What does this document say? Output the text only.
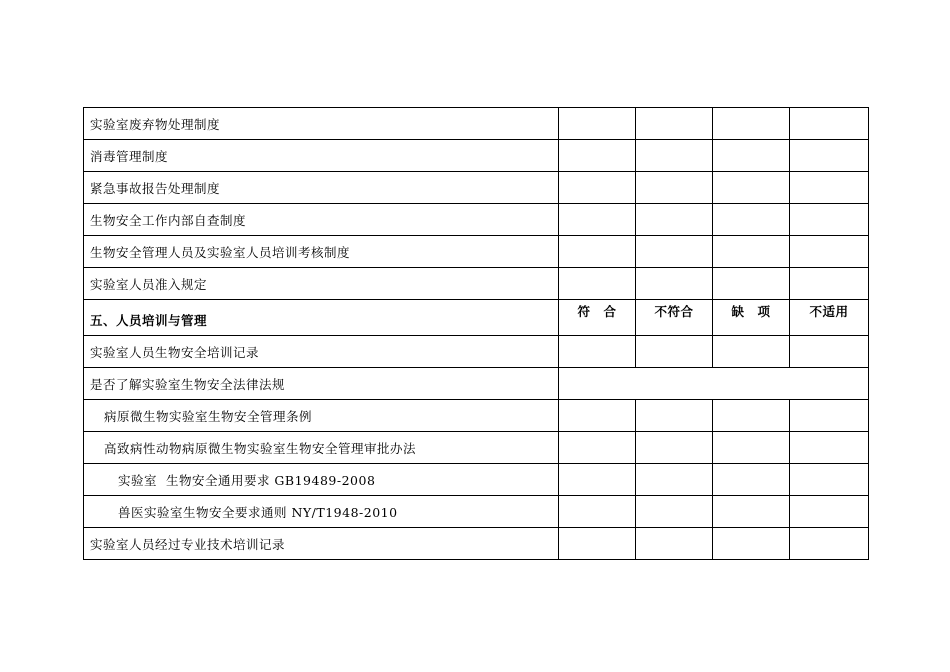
实验室废弃物处理制度				
消毒管理制度				
紧急事故报告处理制度				
生物安全工作内部自查制度				
生物安全管理人员及实验室人员培训考核制度				
实验室人员准入规定				
五、人员培训与管理	符　合	不符合	缺　项	不适用
实验室人员生物安全培训记录				
是否了解实验室生物安全法律法规				
病原微生物实验室生物安全管理条例				
高致病性动物病原微生物实验室生物安全管理审批办法				
实验室  生物安全通用要求 GB19489-2008				
兽医实验室生物安全要求通则 NY/T1948-2010				
实验室人员经过专业技术培训记录				
